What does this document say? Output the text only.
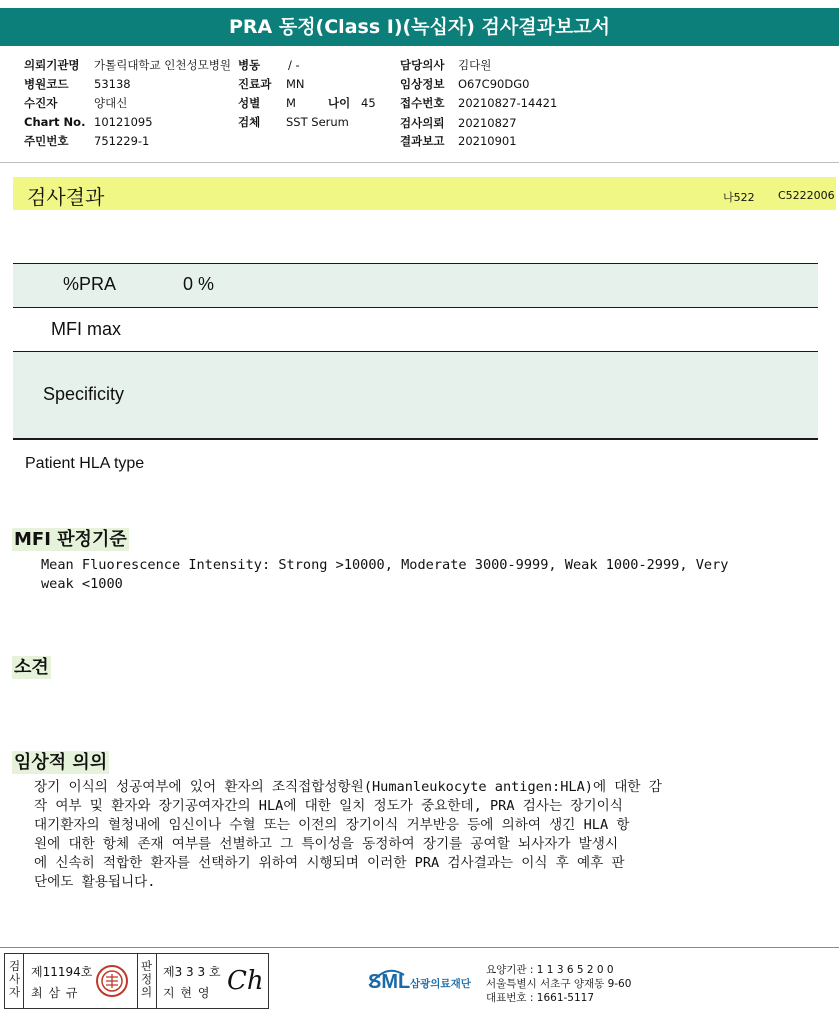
PRA 동정(Class I)(녹십자) 검사결과보고서
의뢰기관명 가톨릭대학교 인천성모병원 병동 / -	담당의사 김다원
병원코드 53138	진료과 MN	임상정보 O67C90DG0
수진자	양대신	성별 M	나이 45 접수번호 20210827-14421
Chart No. 10121095	검체 SST Serum	검사의뢰 20210827
주민번호 751229-1	결과보고 20210901
검사결과	나522 C5222006
%PRA	0 %
MFI max
Specificity
Patient HLA type
MFI 판정기준
Mean Fluorescence Intensity: Strong >10000, Moderate 3000-9999, Weak 1000-2999, Very
weak <1000
소견
임상적 의의
장기 이식의 성공여부에 있어 환자의 조직접합성항원(Humanleukocyte antigen:HLA)에 대한 감
작 여부 및 환자와 장기공여자간의 HLA에 대한 일치 정도가 중요한데, PRA 검사는 장기이식
대기환자의 혈청내에 임신이나 수혈 또는 이전의 장기이식 거부반응 등에 의하여 생긴 HLA 항
원에 대한 항체 존재 여부를 선별하고 그 특이성을 동정하여 장기를 공여할 뇌사자가 발생시
에 신속히 적합한 환자를 선택하기 위하여 시행되며 이러한 PRA 검사결과는 이식 후 예후 판
단에도 활용됩니다.
검사자
제11194호
최 삼 규
판정의
제3 3 3 호
지 현 영 Ch	SML 삼광의료재단
요양기관 : 1 1 3 6 5 2 0 0
서울특별시 서초구 양재동 9-60
대표번호 : 1661-5117
